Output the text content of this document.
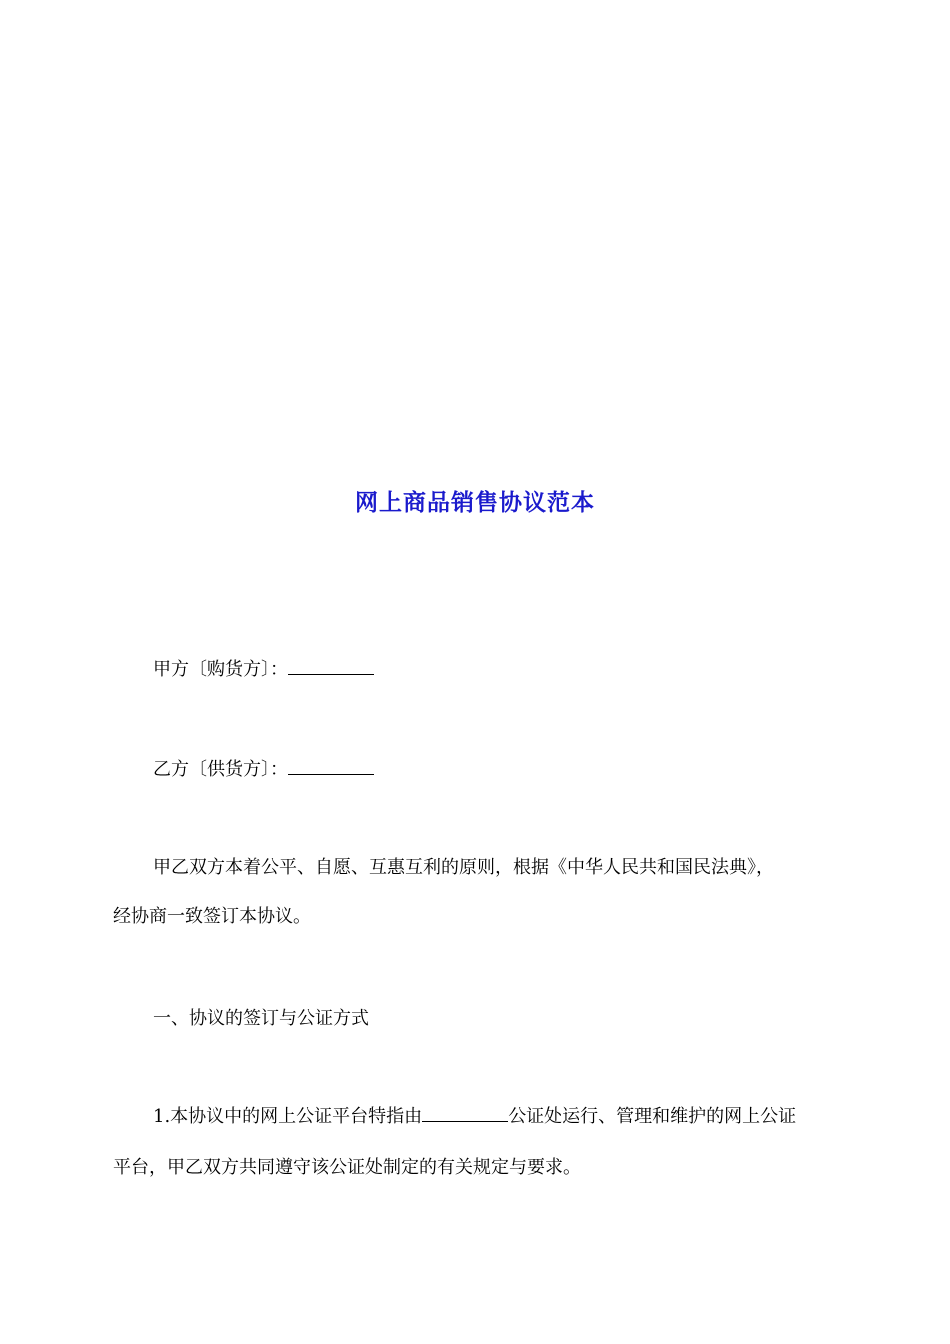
网上商品销售协议范本
甲方〔购货方〕：
乙方〔供货方〕：
甲乙双方本着公平、自愿、互惠互利的原则，根据《中华人民共和国民法典》，
经协商一致签订本协议。
一、协议的签订与公证方式
1.本协议中的网上公证平台特指由	公证处运行、管理和维护的网上公证
平台，甲乙双方共同遵守该公证处制定的有关规定与要求。
